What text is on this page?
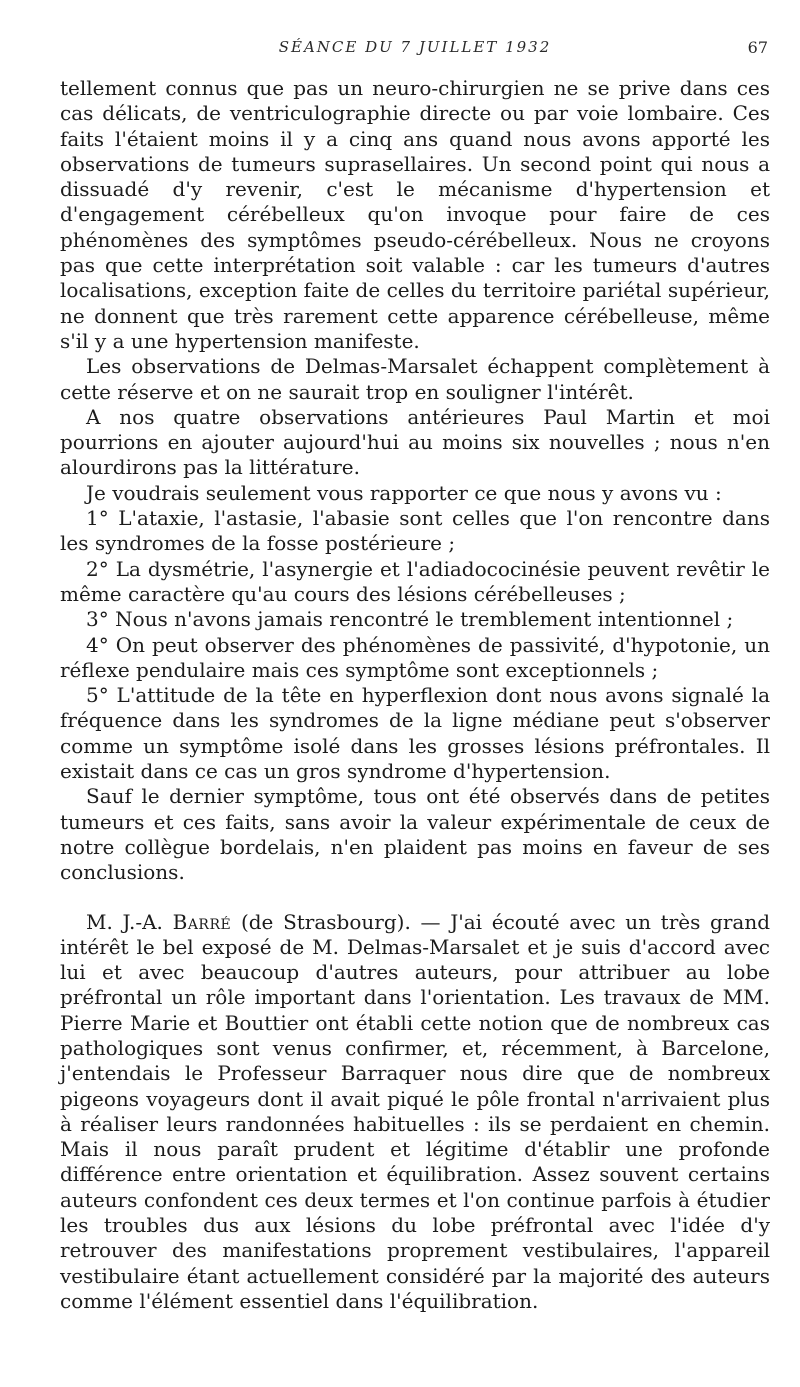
SÉANCE DU 7 JUILLET 1932	67

tellement connus que pas un neuro-chirurgien ne se prive dans ces cas délicats, de ventriculographie directe ou par voie lombaire. Ces faits l'étaient moins il y a cinq ans quand nous avons apporté les observations de tumeurs suprasellaires. Un second point qui nous a dissuadé d'y revenir, c'est le mécanisme d'hypertension et d'engagement cérébelleux qu'on invoque pour faire de ces phénomènes des symptômes pseudo-cérébelleux. Nous ne croyons pas que cette interprétation soit valable : car les tumeurs d'autres localisations, exception faite de celles du territoire pariétal supérieur, ne donnent que très rarement cette apparence cérébelleuse, même s'il y a une hypertension manifeste.

Les observations de Delmas-Marsalet échappent complètement à cette réserve et on ne saurait trop en souligner l'intérêt.

A nos quatre observations antérieures Paul Martin et moi pourrions en ajouter aujourd'hui au moins six nouvelles ; nous n'en alourdirons pas la littérature.

Je voudrais seulement vous rapporter ce que nous y avons vu :

1° L'ataxie, l'astasie, l'abasie sont celles que l'on rencontre dans les syndromes de la fosse postérieure ;

2° La dysmétrie, l'asynergie et l'adiadococinésie peuvent revêtir le même caractère qu'au cours des lésions cérébelleuses ;

3° Nous n'avons jamais rencontré le tremblement intentionnel ;

4° On peut observer des phénomènes de passivité, d'hypotonie, un réflexe pendulaire mais ces symptôme sont exceptionnels ;

5° L'attitude de la tête en hyperflexion dont nous avons signalé la fréquence dans les syndromes de la ligne médiane peut s'observer comme un symptôme isolé dans les grosses lésions préfrontales. Il existait dans ce cas un gros syndrome d'hypertension.

Sauf le dernier symptôme, tous ont été observés dans de petites tumeurs et ces faits, sans avoir la valeur expérimentale de ceux de notre collègue bordelais, n'en plaident pas moins en faveur de ses conclusions.

M. J.-A. Barré (de Strasbourg). — J'ai écouté avec un très grand intérêt le bel exposé de M. Delmas-Marsalet et je suis d'accord avec lui et avec beaucoup d'autres auteurs, pour attribuer au lobe préfrontal un rôle important dans l'orientation. Les travaux de MM. Pierre Marie et Bouttier ont établi cette notion que de nombreux cas pathologiques sont venus confirmer, et, récemment, à Barcelone, j'entendais le Professeur Barraquer nous dire que de nombreux pigeons voyageurs dont il avait piqué le pôle frontal n'arrivaient plus à réaliser leurs randonnées habituelles : ils se perdaient en chemin. Mais il nous paraît prudent et légitime d'établir une profonde différence entre orientation et équilibration. Assez souvent certains auteurs confondent ces deux termes et l'on continue parfois à étudier les troubles dus aux lésions du lobe préfrontal avec l'idée d'y retrouver des manifestations proprement vestibulaires, l'appareil vestibulaire étant actuellement considéré par la majorité des auteurs comme l'élément essentiel dans l'équilibration.
